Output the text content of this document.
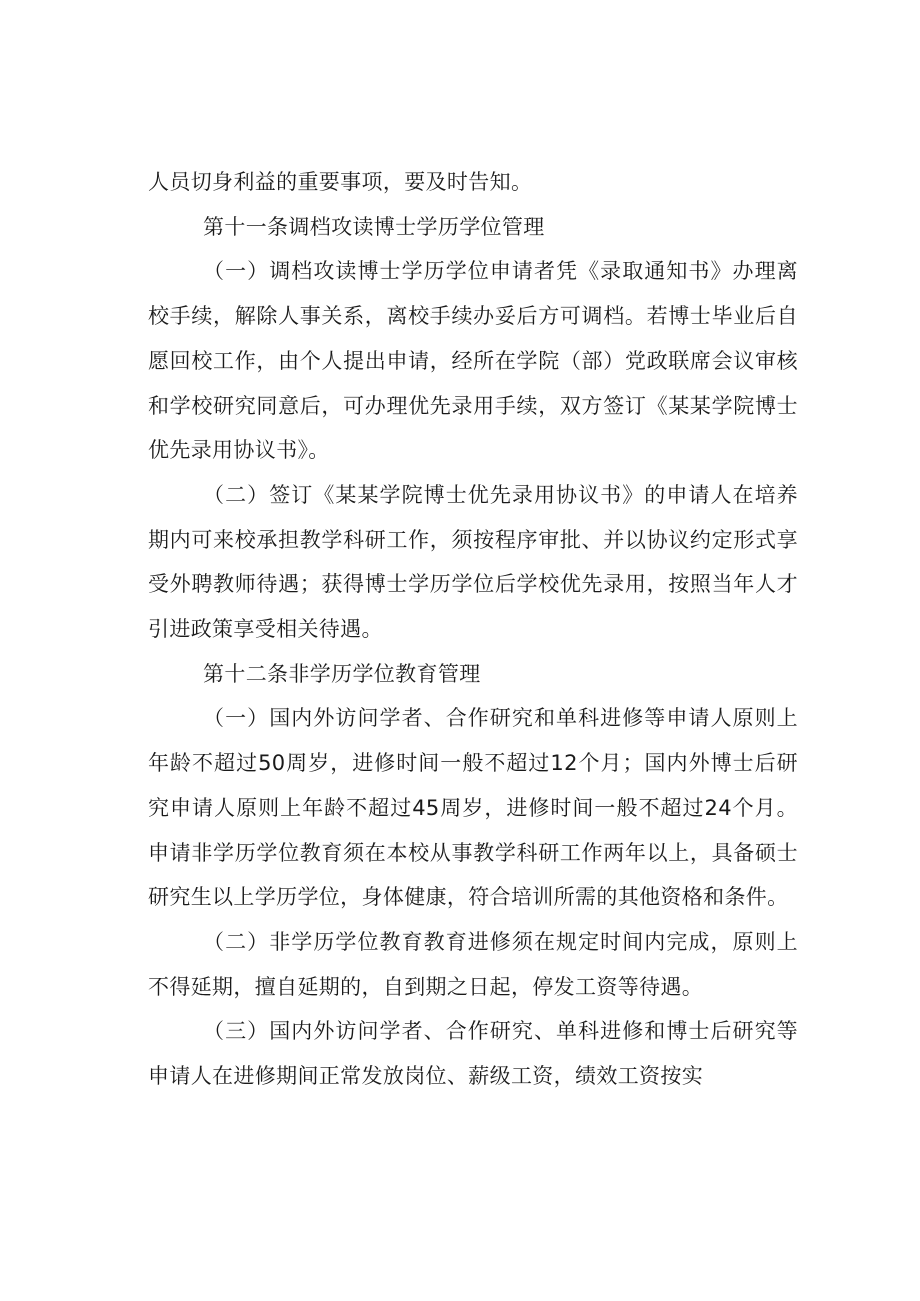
人员切身利益的重要事项，要及时告知。

第十一条调档攻读博士学历学位管理

（一）调档攻读博士学历学位申请者凭《录取通知书》办理离校手续，解除人事关系，离校手续办妥后方可调档。若博士毕业后自愿回校工作，由个人提出申请，经所在学院（部）党政联席会议审核和学校研究同意后，可办理优先录用手续，双方签订《某某学院博士优先录用协议书》。

（二）签订《某某学院博士优先录用协议书》的申请人在培养期内可来校承担教学科研工作，须按程序审批、并以协议约定形式享受外聘教师待遇；获得博士学历学位后学校优先录用，按照当年人才引进政策享受相关待遇。

第十二条非学历学位教育管理

（一）国内外访问学者、合作研究和单科进修等申请人原则上年龄不超过50周岁，进修时间一般不超过12个月；国内外博士后研究申请人原则上年龄不超过45周岁，进修时间一般不超过24个月。申请非学历学位教育须在本校从事教学科研工作两年以上，具备硕士研究生以上学历学位，身体健康，符合培训所需的其他资格和条件。

（二）非学历学位教育教育进修须在规定时间内完成，原则上不得延期，擅自延期的，自到期之日起，停发工资等待遇。

（三）国内外访问学者、合作研究、单科进修和博士后研究等申请人在进修期间正常发放岗位、薪级工资，绩效工资按实
